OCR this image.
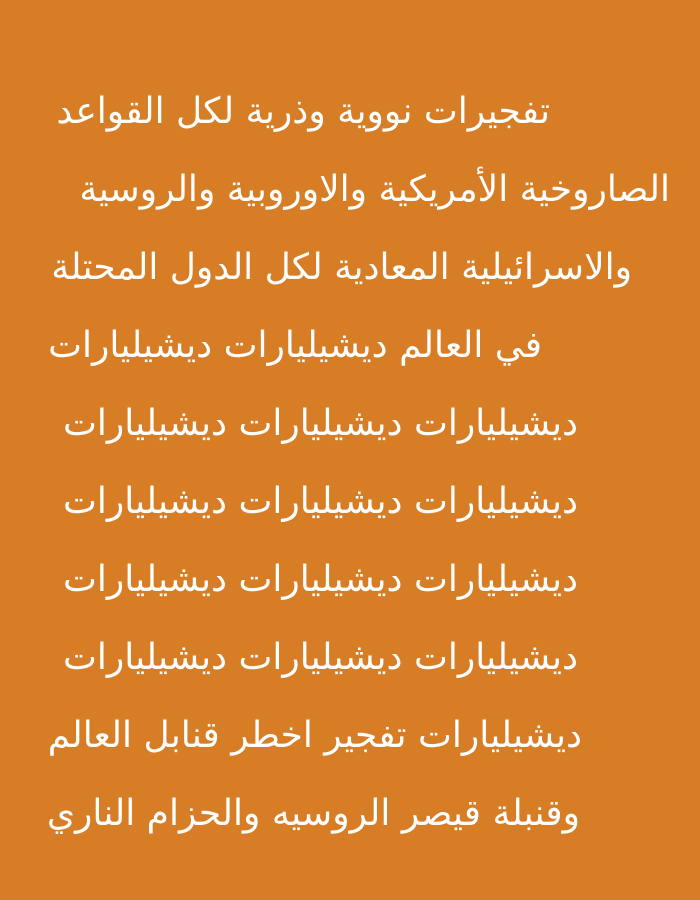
تفجيرات نووية وذرية لكل القواعد
الصاروخية الأمريكية والاوروبية والروسية
والاسرائيلية المعادية لكل الدول المحتلة
في العالم ديشيليارات ديشيليارات
ديشيليارات ديشيليارات ديشيليارات
ديشيليارات ديشيليارات ديشيليارات
ديشيليارات ديشيليارات ديشيليارات
ديشيليارات ديشيليارات ديشيليارات
ديشيليارات تفجير اخطر قنابل العالم
وقنبلة قيصر الروسيه والحزام الناري
